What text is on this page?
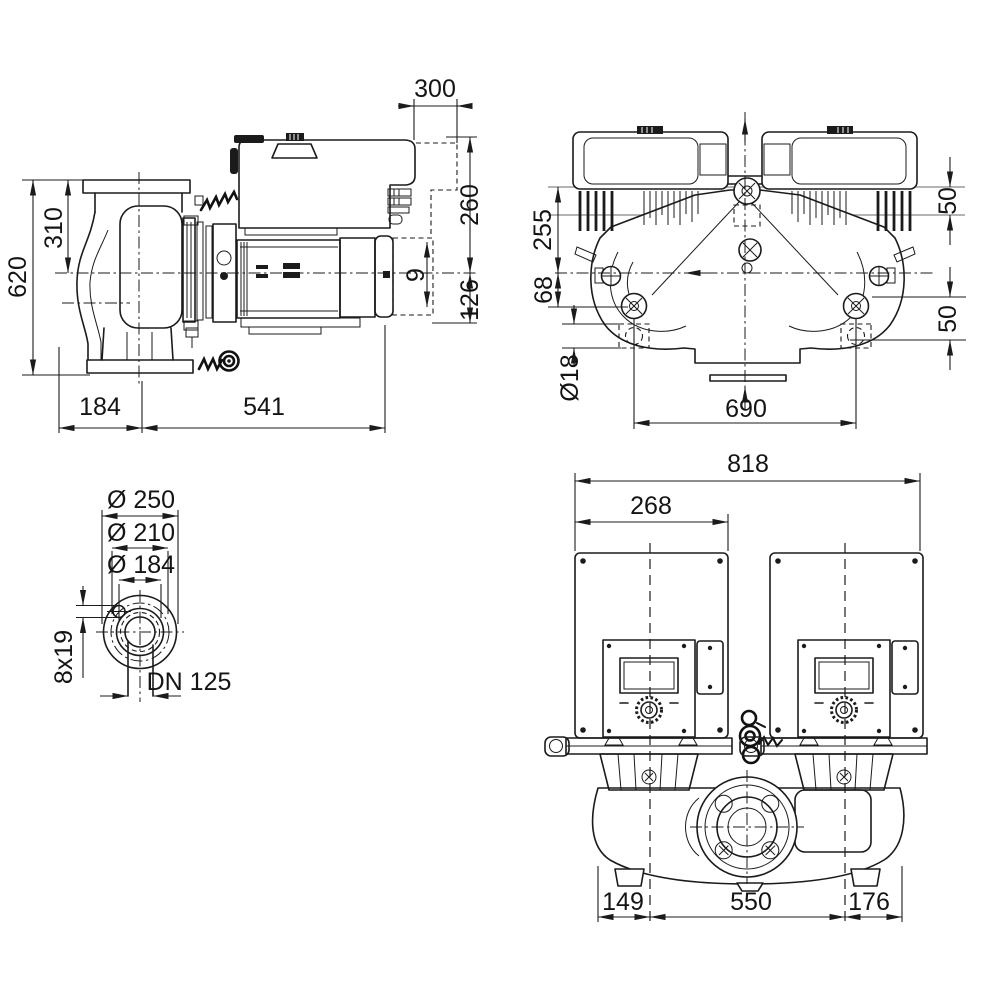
620
310
300
260
126
9
184	541
255
68
Ø18
50
50
690
Ø 250
Ø 210
Ø 184
8x19	DN 125
818
268
149	550	176
